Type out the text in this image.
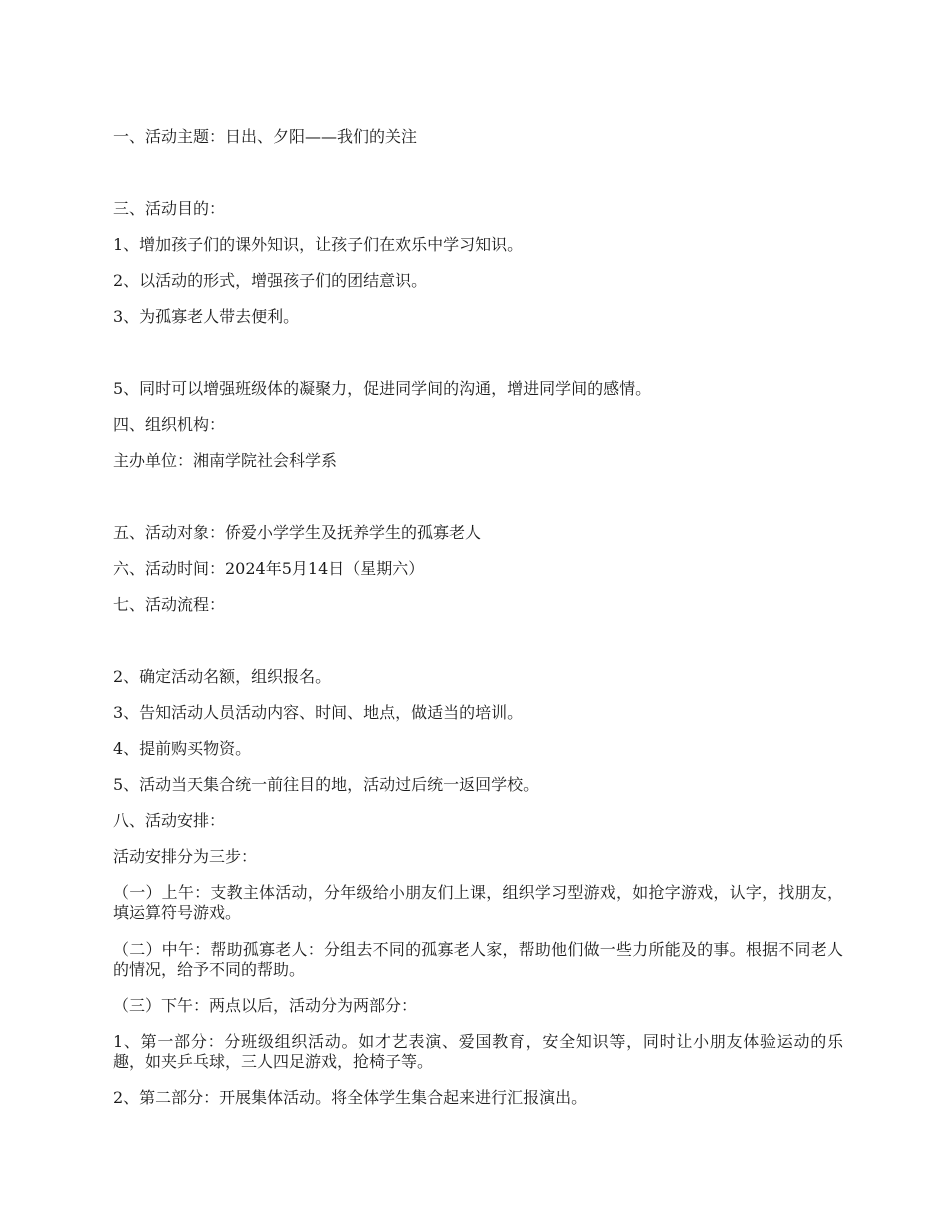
一、活动主题：日出、夕阳——我们的关注
三、活动目的：
1、增加孩子们的课外知识，让孩子们在欢乐中学习知识。
2、以活动的形式，增强孩子们的团结意识。
3、为孤寡老人带去便利。
5、同时可以增强班级体的凝聚力，促进同学间的沟通，增进同学间的感情。
四、组织机构：
主办单位：湘南学院社会科学系
五、活动对象：侨爱小学学生及抚养学生的孤寡老人
六、活动时间：2024年5月14日（星期六）
七、活动流程：
2、确定活动名额，组织报名。
3、告知活动人员活动内容、时间、地点，做适当的培训。
4、提前购买物资。
5、活动当天集合统一前往目的地，活动过后统一返回学校。
八、活动安排：
活动安排分为三步：
（一）上午：支教主体活动，分年级给小朋友们上课，组织学习型游戏，如抢字游戏，认字，找朋友，填运算符号游戏。
（二）中午：帮助孤寡老人：分组去不同的孤寡老人家，帮助他们做一些力所能及的事。根据不同老人的情况，给予不同的帮助。
（三）下午：两点以后，活动分为两部分：
1、第一部分：分班级组织活动。如才艺表演、爱国教育，安全知识等，同时让小朋友体验运动的乐趣，如夹乒乓球，三人四足游戏，抢椅子等。
2、第二部分：开展集体活动。将全体学生集合起来进行汇报演出。
